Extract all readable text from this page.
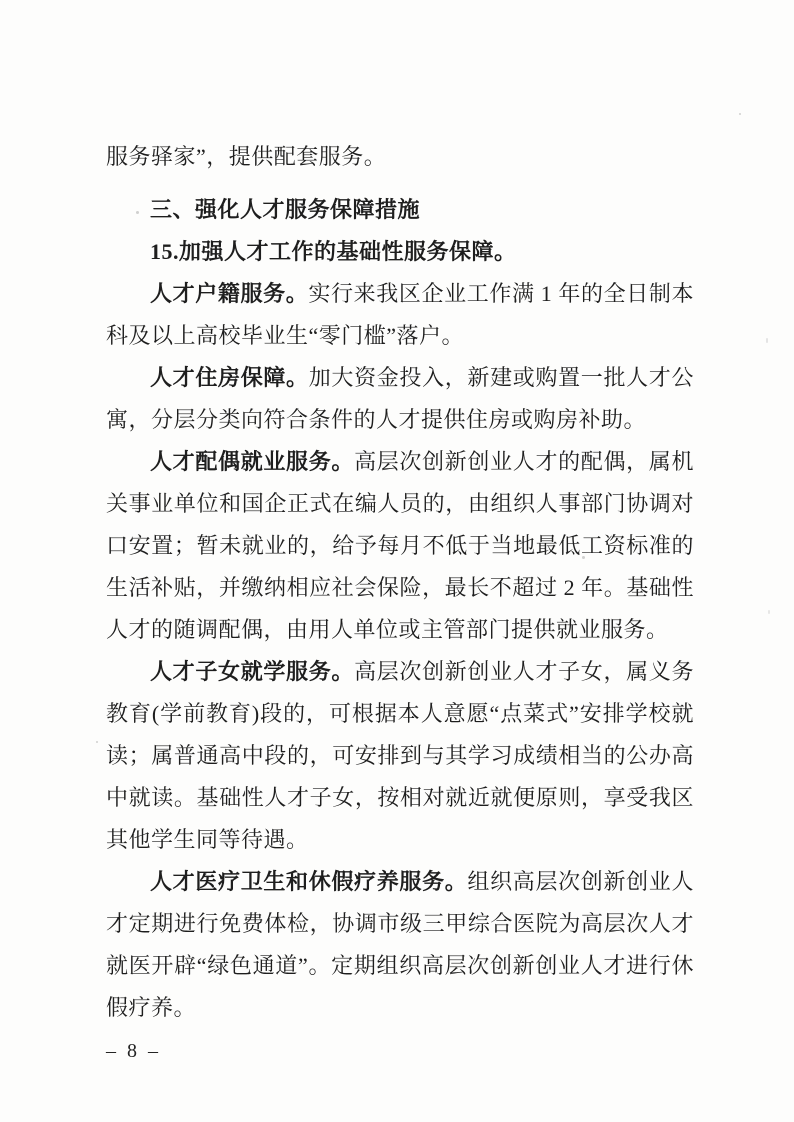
服务驿家”，提供配套服务。

三、强化人才服务保障措施

15.加强人才工作的基础性服务保障。

人才户籍服务。实行来我区企业工作满 1 年的全日制本科及以上高校毕业生“零门槛”落户。

人才住房保障。加大资金投入，新建或购置一批人才公寓，分层分类向符合条件的人才提供住房或购房补助。

人才配偶就业服务。高层次创新创业人才的配偶，属机关事业单位和国企正式在编人员的，由组织人事部门协调对口安置；暂未就业的，给予每月不低于当地最低工资标准的生活补贴，并缴纳相应社会保险，最长不超过 2 年。基础性人才的随调配偶，由用人单位或主管部门提供就业服务。

人才子女就学服务。高层次创新创业人才子女，属义务教育(学前教育)段的，可根据本人意愿“点菜式”安排学校就读；属普通高中段的，可安排到与其学习成绩相当的公办高中就读。基础性人才子女，按相对就近就便原则，享受我区其他学生同等待遇。

人才医疗卫生和休假疗养服务。组织高层次创新创业人才定期进行免费体检，协调市级三甲综合医院为高层次人才就医开辟“绿色通道”。定期组织高层次创新创业人才进行休假疗养。

– 8 –
